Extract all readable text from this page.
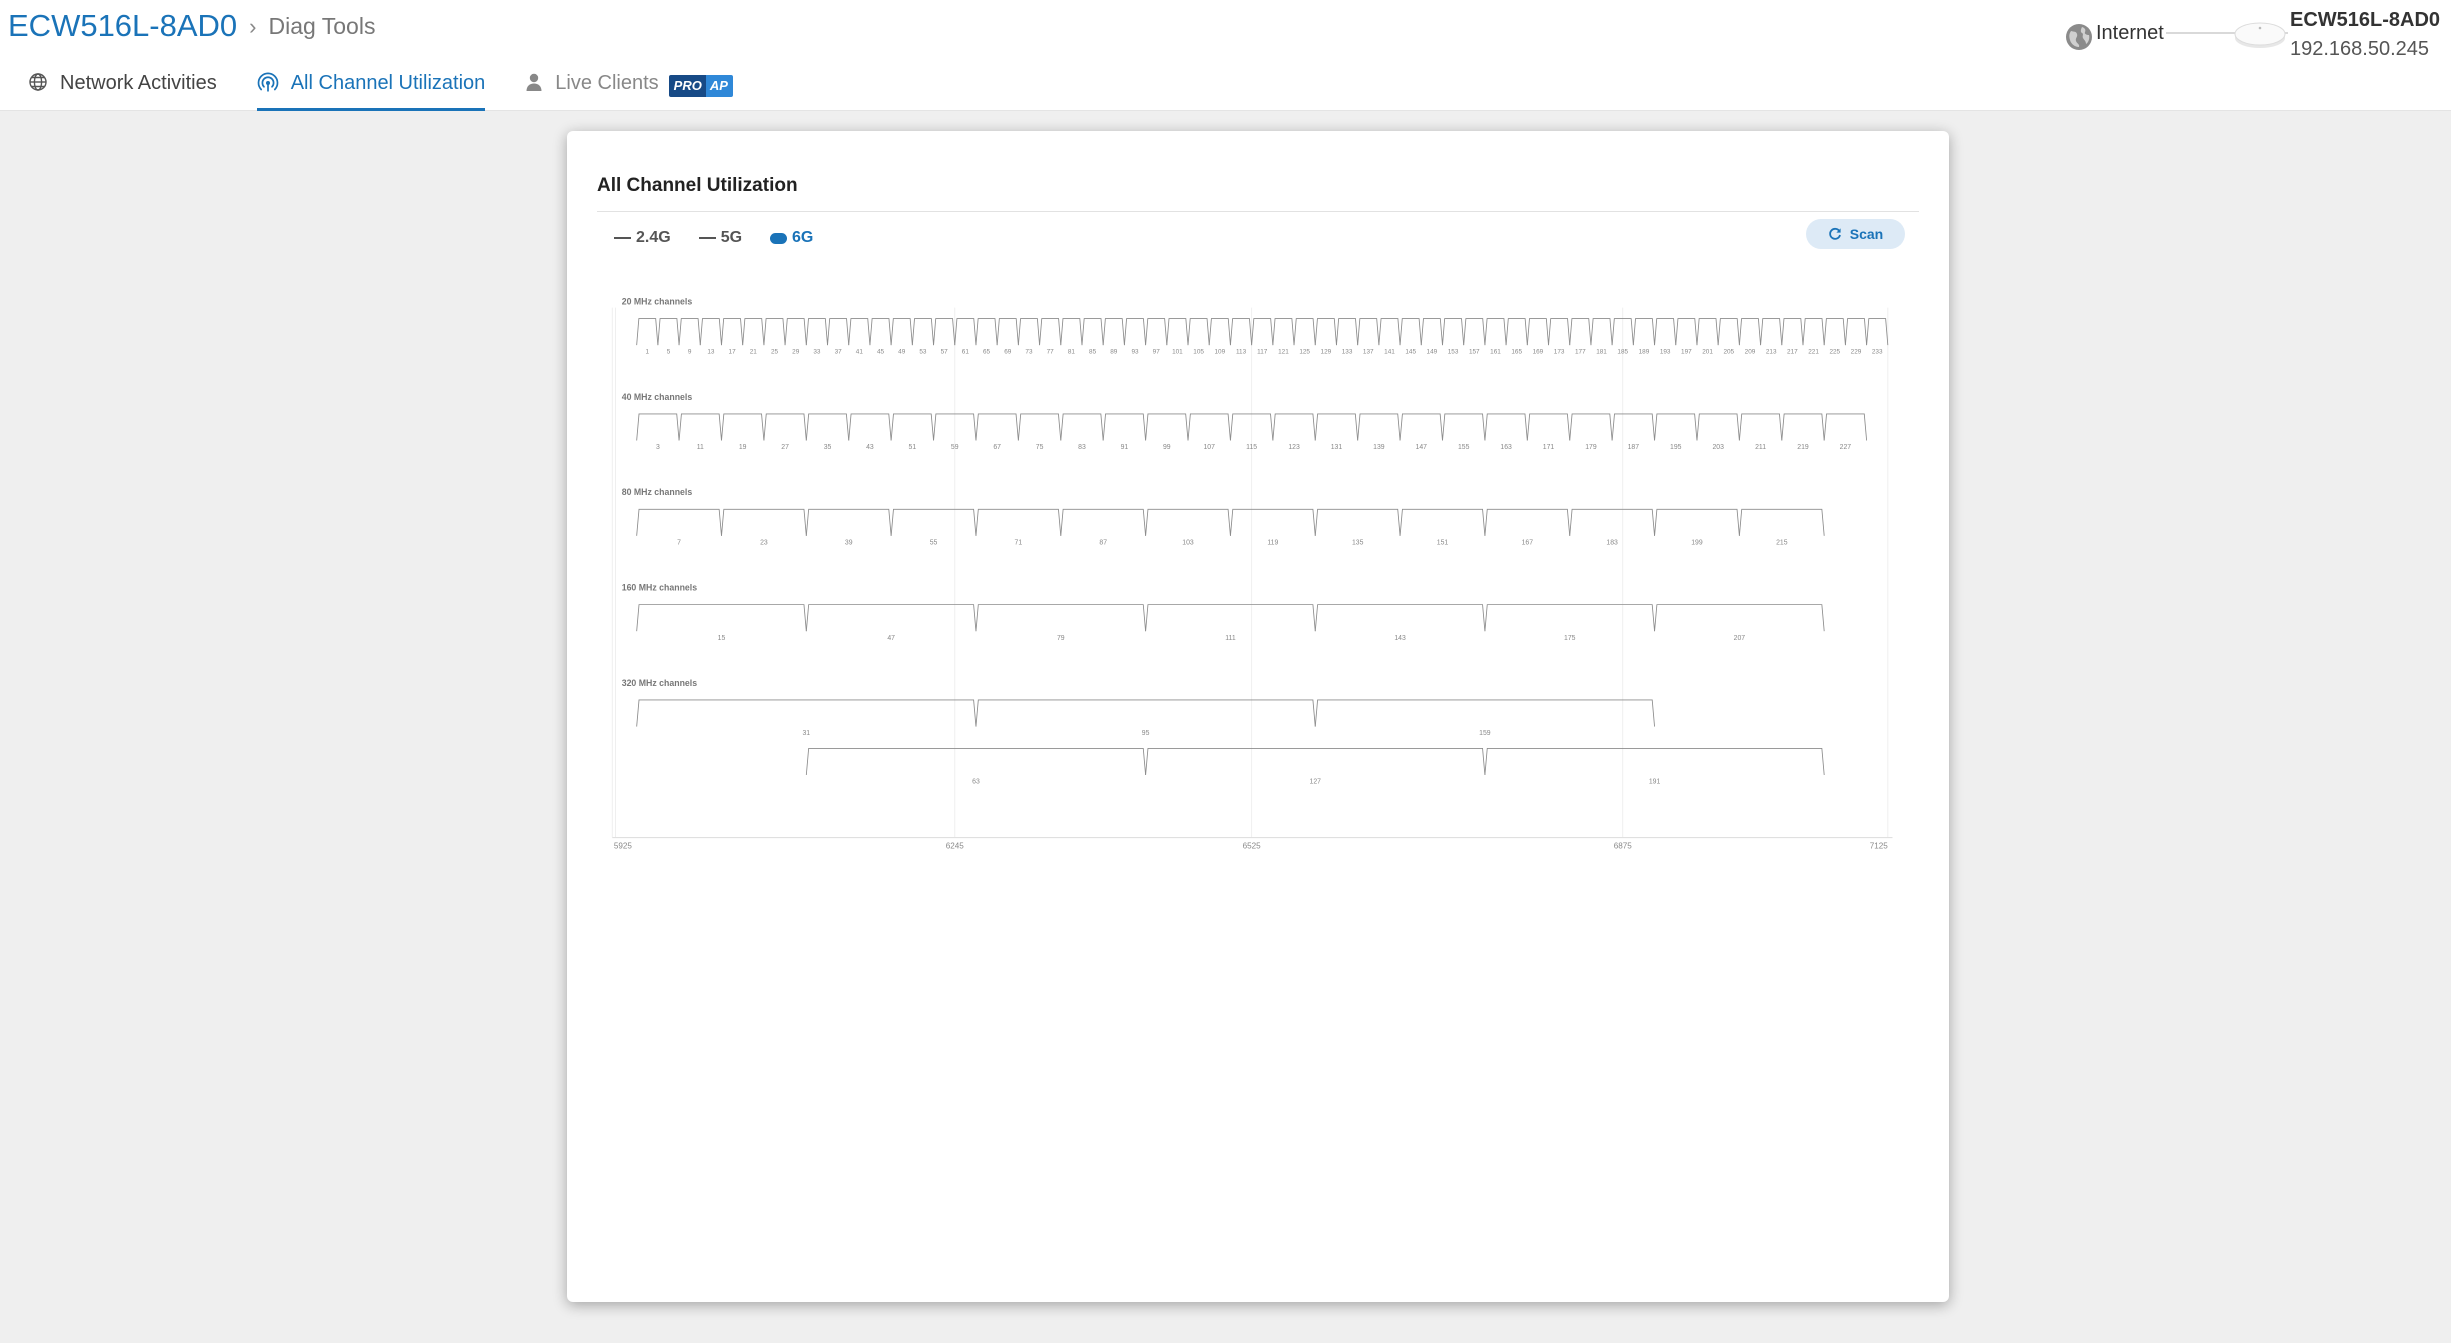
ECW516L-8AD0 › Diag Tools
Network Activities	All Channel Utilization	Live Clients	PRO AP
Internet
ECW516L-8AD0
192.168.50.245
All Channel Utilization
2.4G	5G	6G	Scan
5925	6245	6525	6875	7125
20 MHz channels
1	5	9	13	17	21	25	29	33	37	41	45	49	53	57	61	65	69	73	77	81	85	89	93	97	101	105	109	113	117	121	125	129	133	137	141	145	149	153	157	161	165	169	173	177	181	185	189	193	197	201	205	209	213	217	221	225	229	233
40 MHz channels
3	11	19	27	35	43	51	59	67	75	83	91	99	107	115	123	131	139	147	155	163	171	179	187	195	203	211	219	227
80 MHz channels
7	23	39	55	71	87	103	119	135	151	167	183	199	215
160 MHz channels
15	47	79	111	143	175	207
320 MHz channels
31	95	159
63	127	191
